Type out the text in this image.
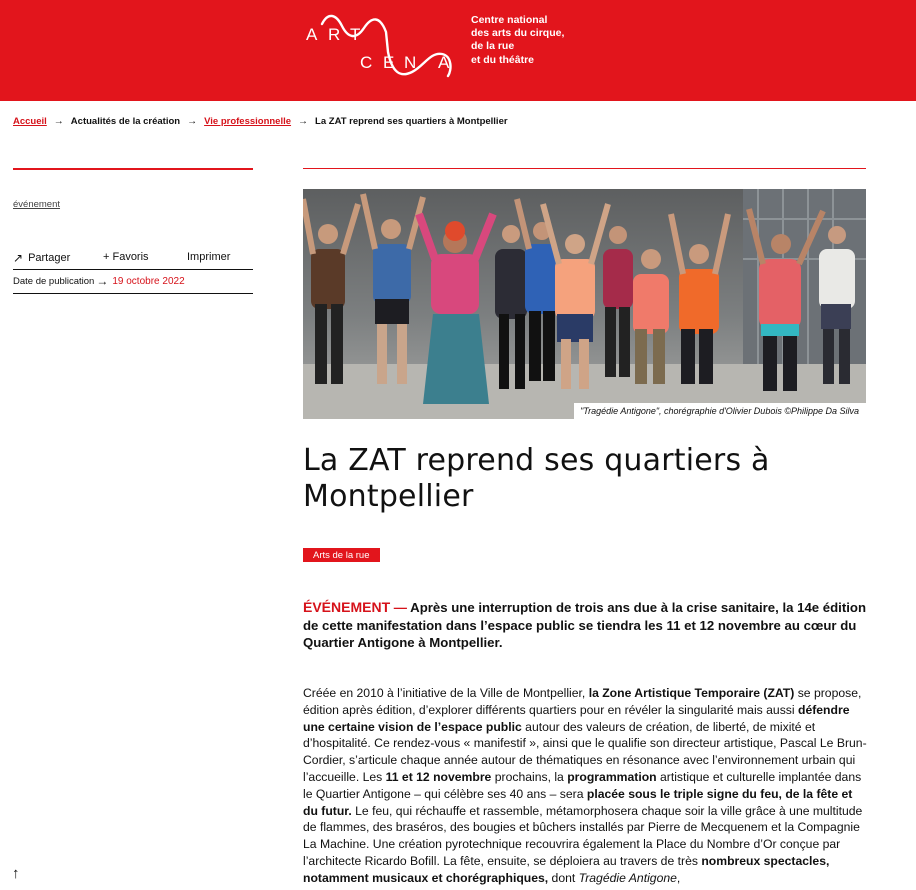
A R T
C E N A
Centre national
des arts du cirque,
de la rue
et du théâtre
Accueil → Actualités de la création → Vie professionnelle → La ZAT reprend ses quartiers à Montpellier
événement
↗ Partager	+ Favoris	Imprimer
Date de publication → 19 octobre 2022
"Tragédie Antigone", chorégraphie d'Olivier Dubois ©Philippe Da Silva
La ZAT reprend ses quartiers à Montpellier
Arts de la rue

ÉVÉNEMENT — Après une interruption de trois ans due à la crise sanitaire, la 14e édition de cette manifestation dans l’espace public se tiendra les 11 et 12 novembre au cœur du Quartier Antigone à Montpellier.

Créée en 2010 à l’initiative de la Ville de Montpellier, la Zone Artistique Temporaire (ZAT) se propose, édition après édition, d’explorer différents quartiers pour en révéler la singularité mais aussi défendre une certaine vision de l’espace public autour des valeurs de création, de liberté, de mixité et d’hospitalité. Ce rendez-vous « manifestif », ainsi que le qualifie son directeur artistique, Pascal Le Brun-Cordier, s’articule chaque année autour de thématiques en résonance avec l’environnement urbain qui l’accueille. Les 11 et 12 novembre prochains, la programmation artistique et culturelle implantée dans le Quartier Antigone – qui célèbre ses 40 ans – sera placée sous le triple signe du feu, de la fête et du futur. Le feu, qui réchauffe et rassemble, métamorphosera chaque soir la ville grâce à une multitude de flammes, des braséros, des bougies et bûchers installés par Pierre de Mecquenem et la Compagnie La Machine. Une création pyrotechnique recouvrira également la Place du Nombre d’Or conçue par l’architecte Ricardo Bofill. La fête, ensuite, se déploiera au travers de très nombreux spectacles, notamment musicaux et chorégraphiques, dont Tragédie Antigone,

↑
